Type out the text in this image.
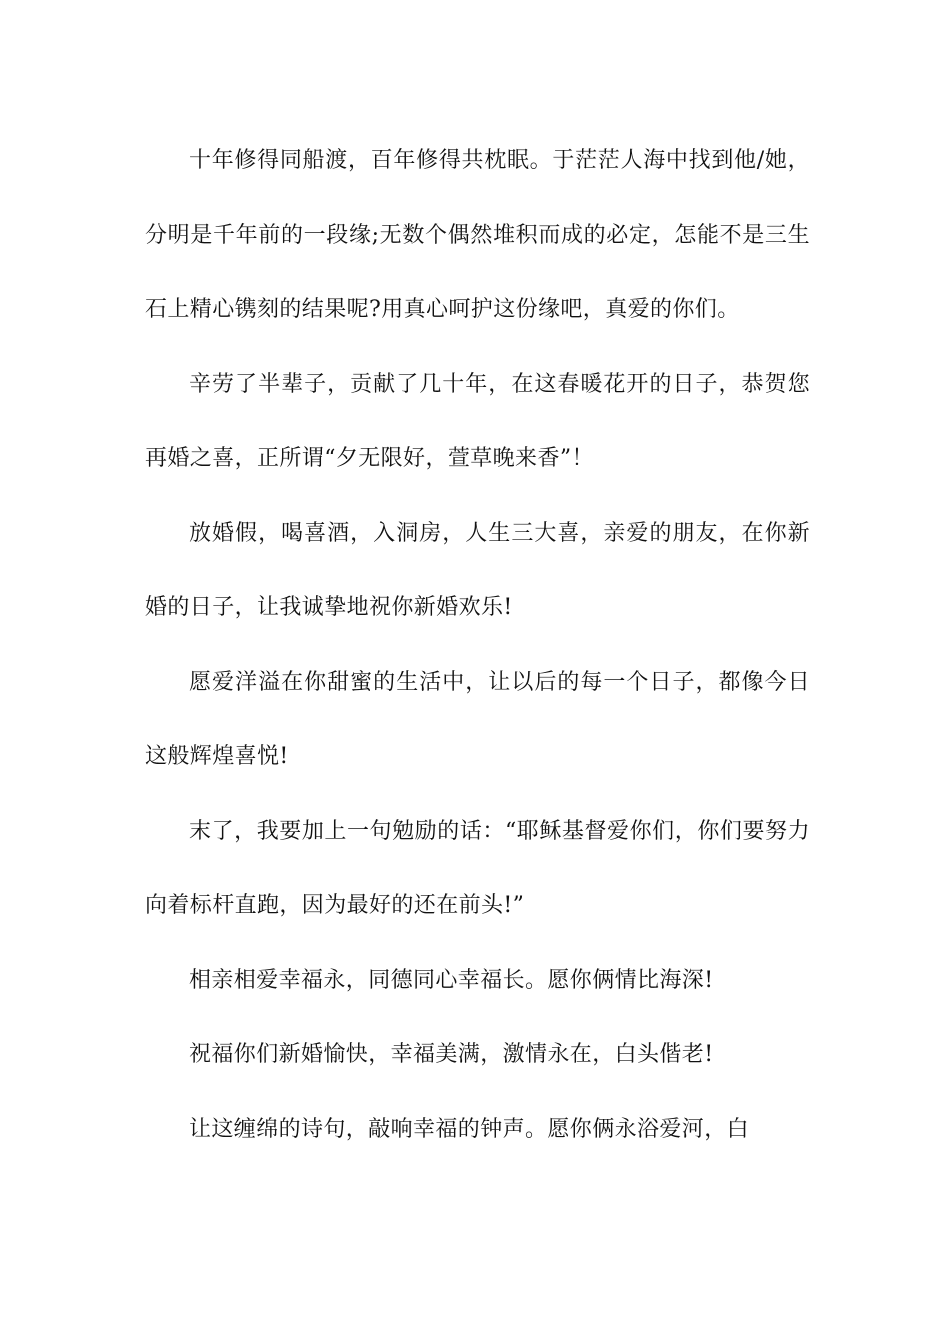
十年修得同船渡，百年修得共枕眠。于茫茫人海中找到他/她，分明是千年前的一段缘;无数个偶然堆积而成的必定，怎能不是三生石上精心镌刻的结果呢?用真心呵护这份缘吧，真爱的你们。

辛劳了半辈子，贡献了几十年，在这春暖花开的日子，恭贺您再婚之喜，正所谓“夕无限好，萱草晚来香”！

放婚假，喝喜酒，入洞房，人生三大喜，亲爱的朋友，在你新婚的日子，让我诚挚地祝你新婚欢乐!

愿爱洋溢在你甜蜜的生活中，让以后的每一个日子，都像今日这般辉煌喜悦!

末了，我要加上一句勉励的话：“耶稣基督爱你们，你们要努力向着标杆直跑，因为最好的还在前头!”

相亲相爱幸福永，同德同心幸福长。愿你俩情比海深!

祝福你们新婚愉快，幸福美满，激情永在，白头偕老!

让这缠绵的诗句，敲响幸福的钟声。愿你俩永浴爱河，白
